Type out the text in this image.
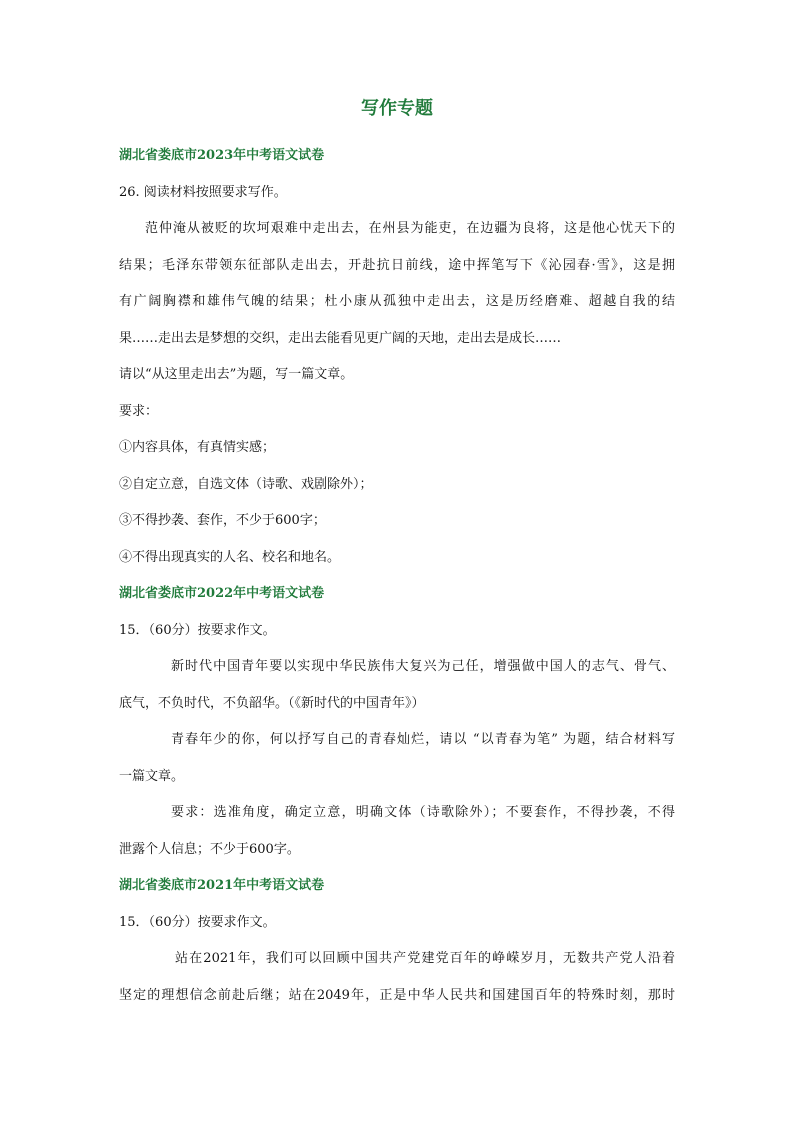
写作专题
湖北省娄底市2023年中考语文试卷
26. 阅读材料按照要求写作。
范仲淹从被贬的坎坷艰难中走出去，在州县为能吏，在边疆为良将，这是他心忧天下的
结果；毛泽东带领东征部队走出去，开赴抗日前线，途中挥笔写下《沁园春·雪》，这是拥
有广阔胸襟和雄伟气魄的结果；杜小康从孤独中走出去，这是历经磨难、超越自我的结
果……走出去是梦想的交织，走出去能看见更广阔的天地，走出去是成长……
请以“从这里走出去”为题，写一篇文章。
要求：
①内容具体，有真情实感；
②自定立意，自选文体（诗歌、戏剧除外）；
③不得抄袭、套作，不少于600字；
④不得出现真实的人名、校名和地名。
湖北省娄底市2022年中考语文试卷
15．（60分）按要求作文。
新时代中国青年要以实现中华民族伟大复兴为己任，增强做中国人的志气、骨气、
底气，不负时代，不负韶华。（《新时代的中国青年》）
青春年少的你，何以抒写自己的青春灿烂，请以 “以青春为笔” 为题，结合材料写
一篇文章。
要求：选准角度，确定立意，明确文体（诗歌除外）；不要套作，不得抄袭，不得
泄露个人信息；不少于600字。
湖北省娄底市2021年中考语文试卷
15．（60分）按要求作文。
站在2021年，我们可以回顾中国共产党建党百年的峥嵘岁月，无数共产党人沿着
坚定的理想信念前赴后继；站在2049年，正是中华人民共和国建国百年的特殊时刻，那时
